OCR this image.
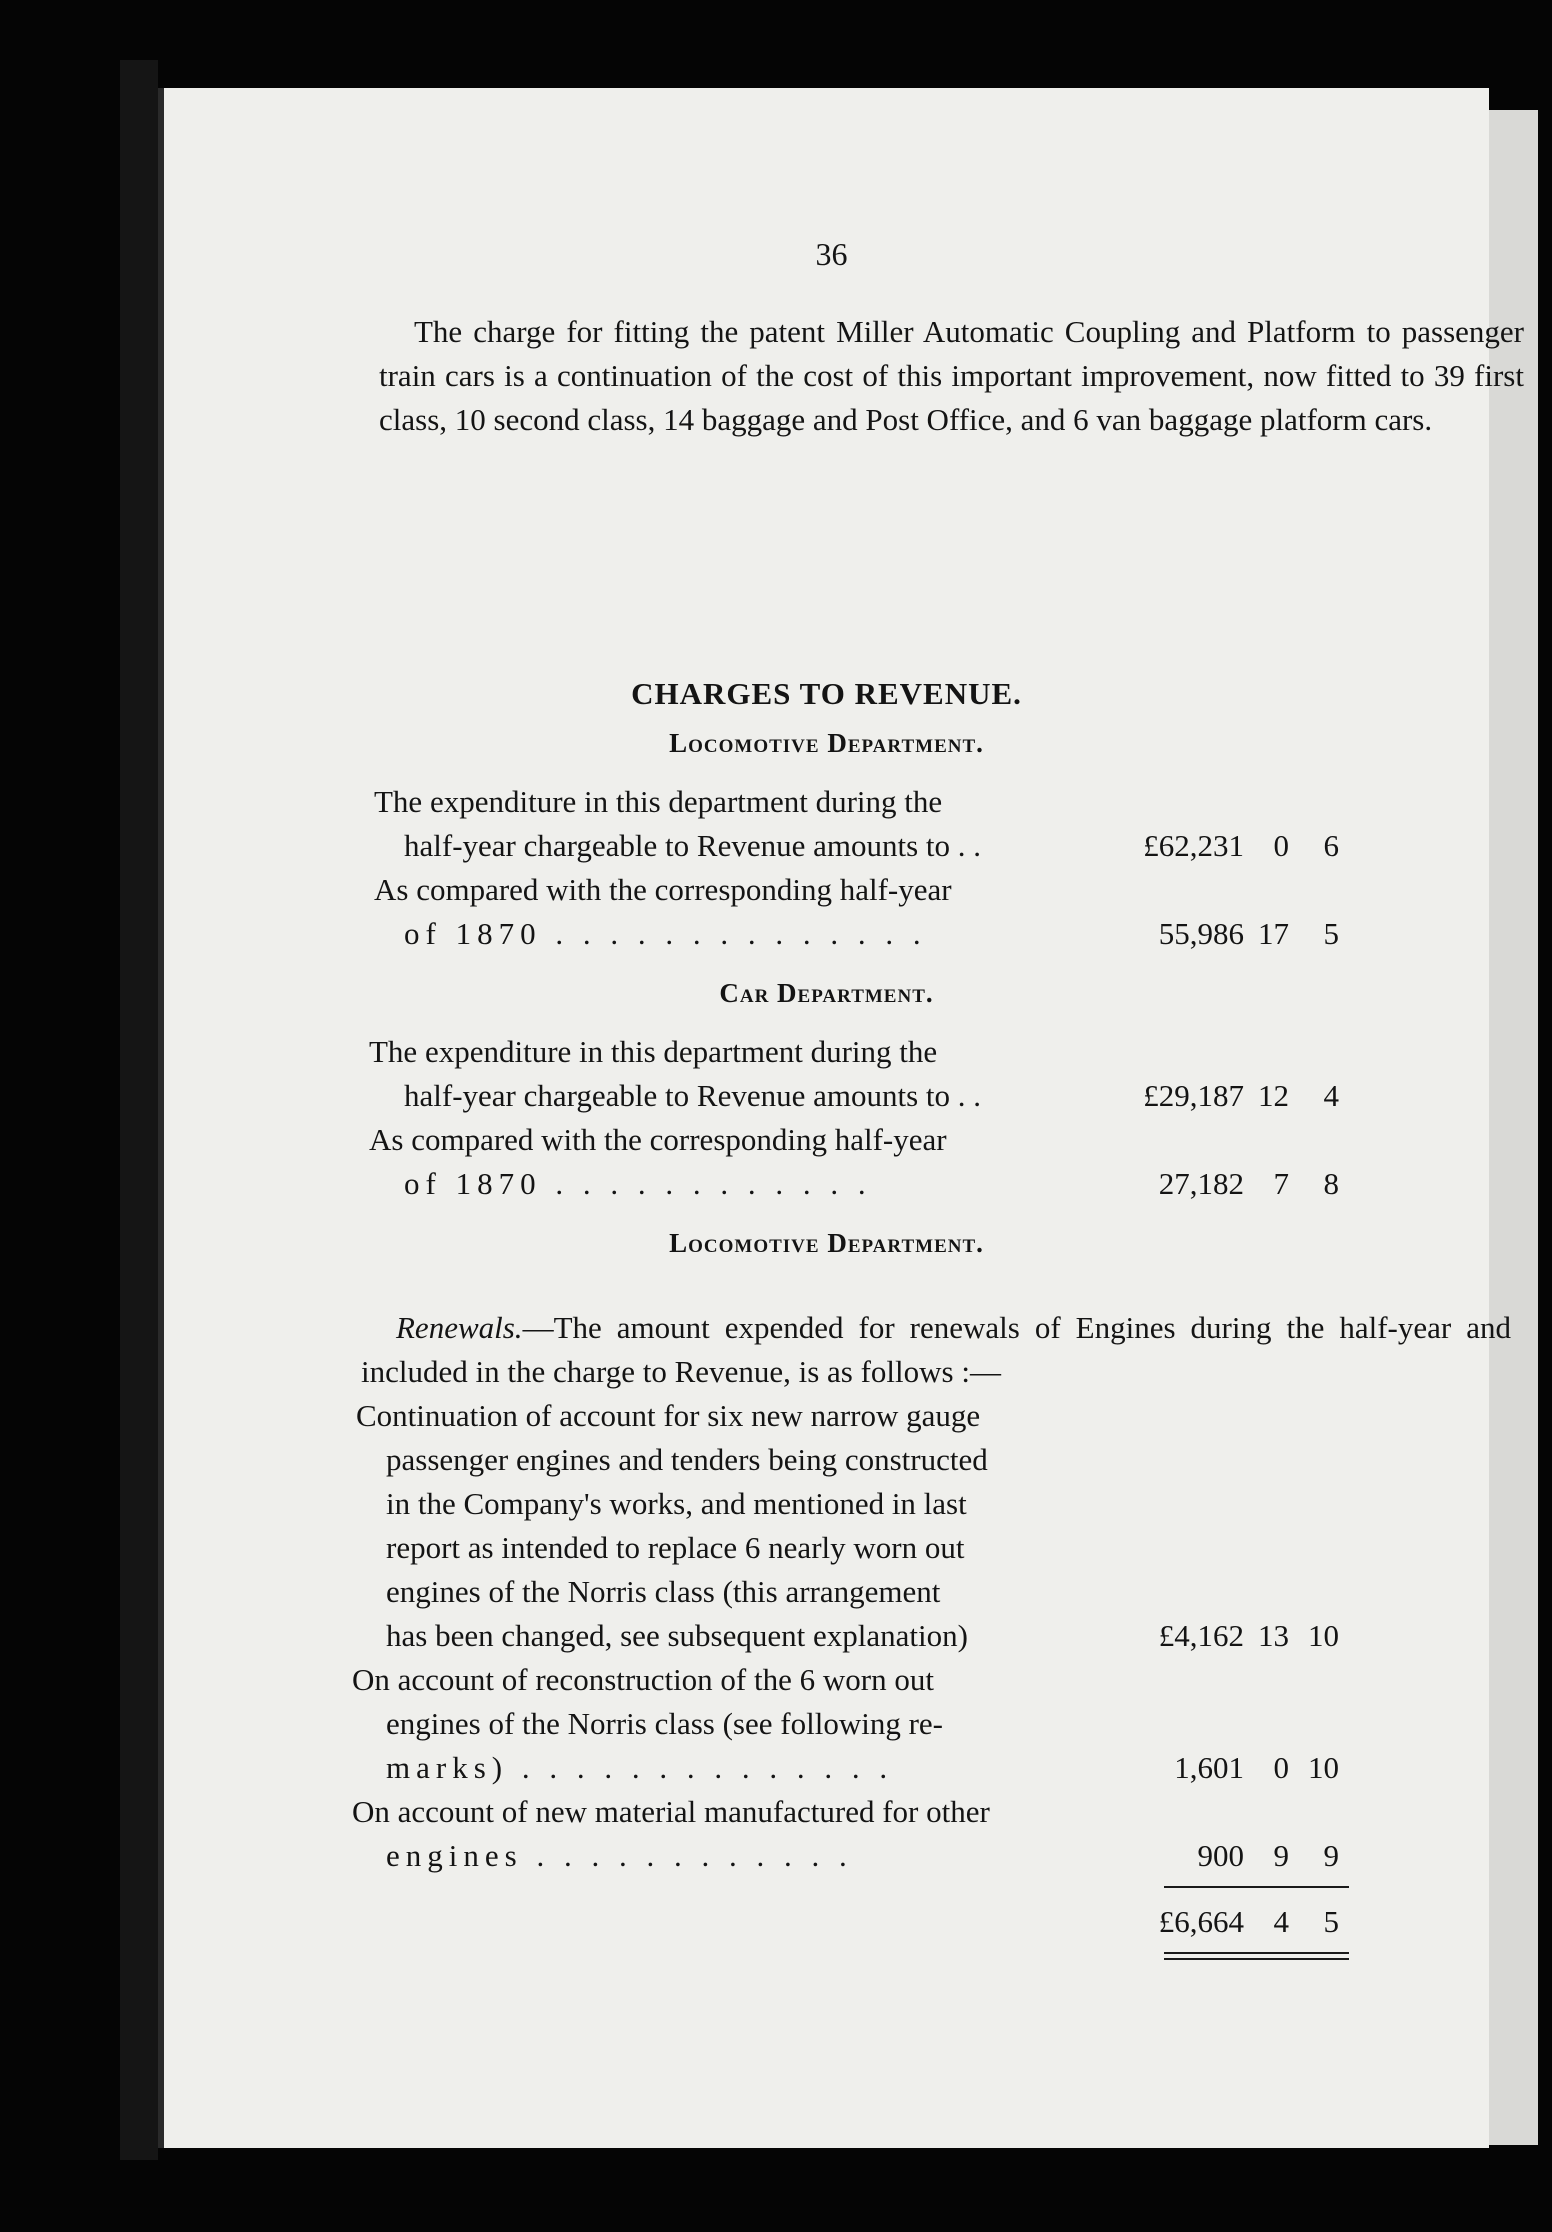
36

The charge for fitting the patent Miller Automatic Coupling and Platform to passenger train cars is a continuation of the cost of this important improvement, now fitted to 39 first class, 10 second class, 14 baggage and Post Office, and 6 van baggage platform cars.

CHARGES TO REVENUE.
Locomotive Department.
The expenditure in this department during the
half-year chargeable to Revenue amounts to . .	£62,231 0	6
As compared with the corresponding half-year
of 1870 . . . . . . . . . . . . . .	55,986 17	5
Car Department.
The expenditure in this department during the
half-year chargeable to Revenue amounts to . .	£29,187 12	4
As compared with the corresponding half-year
of 1870 . . . . . . . . . . . .	27,182 7	8
Locomotive Department.

Renewals.—The amount expended for renewals of Engines during the half-year and included in the charge to Revenue, is as follows :—

Continuation of account for six new narrow gauge
passenger engines and tenders being constructed
in the Company's works, and mentioned in last
report as intended to replace 6 nearly worn out
engines of the Norris class (this arrangement
has been changed, see subsequent explanation)	£4,162 13 10
On account of reconstruction of the 6 worn out
engines of the Norris class (see following re-
marks) . . . . . . . . . . . . . .	1,601 0 10
On account of new material manufactured for other
engines . . . . . . . . . . . .	900 9	9
£6,664 4	5
